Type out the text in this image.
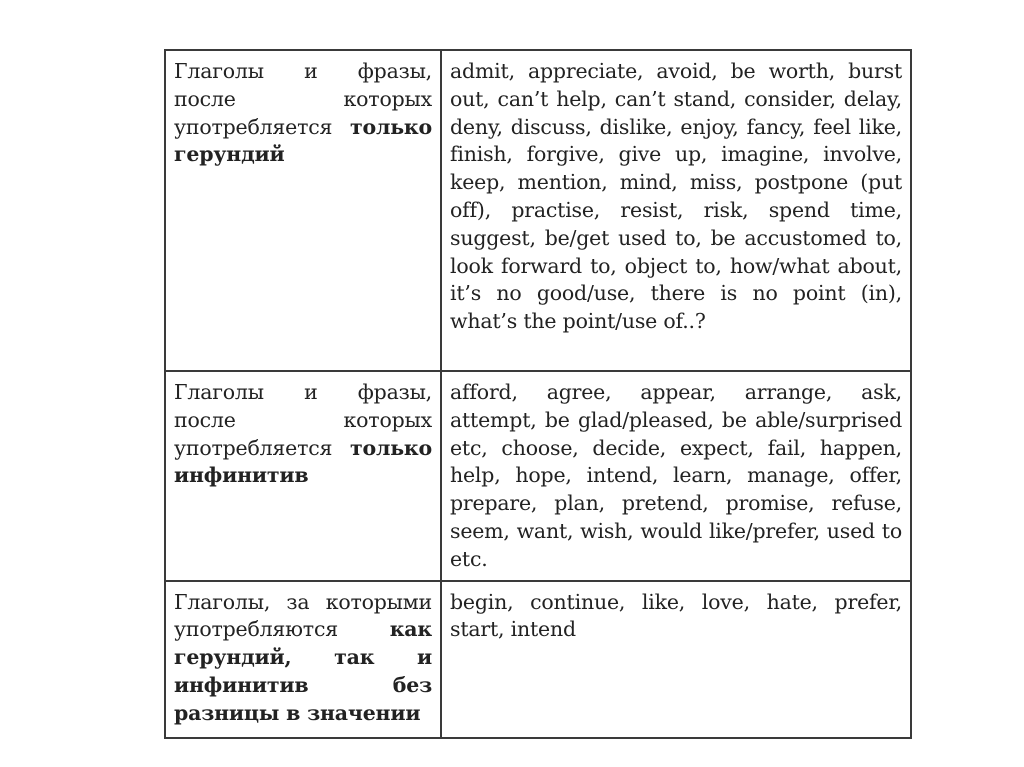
Глаголы и фразы, после которых употребляется только герундий	admit, appreciate, avoid, be worth, burst out, can’t help, can’t stand, consider, delay, deny, discuss, dislike, enjoy, fancy, feel like, finish, forgive, give up, imagine, involve, keep, mention, mind, miss, postpone (put off), practise, resist, risk, spend time, suggest, be/get used to, be accustomed to, look forward to, object to, how/what about, it’s no good/use, there is no point (in), what’s the point/use of..?
Глаголы и фразы, после которых употребляется только инфинитив	afford, agree, appear, arrange, ask, attempt, be glad/pleased, be able/surprised etc, choose, decide, expect, fail, happen, help, hope, intend, learn, manage, offer, prepare, plan, pretend, promise, refuse, seem, want, wish, would like/prefer, used to etc.
Глаголы, за которыми употребляются как герундий, так и инфинитив без разницы в значении	begin, continue, like, love, hate, prefer, start, intend
